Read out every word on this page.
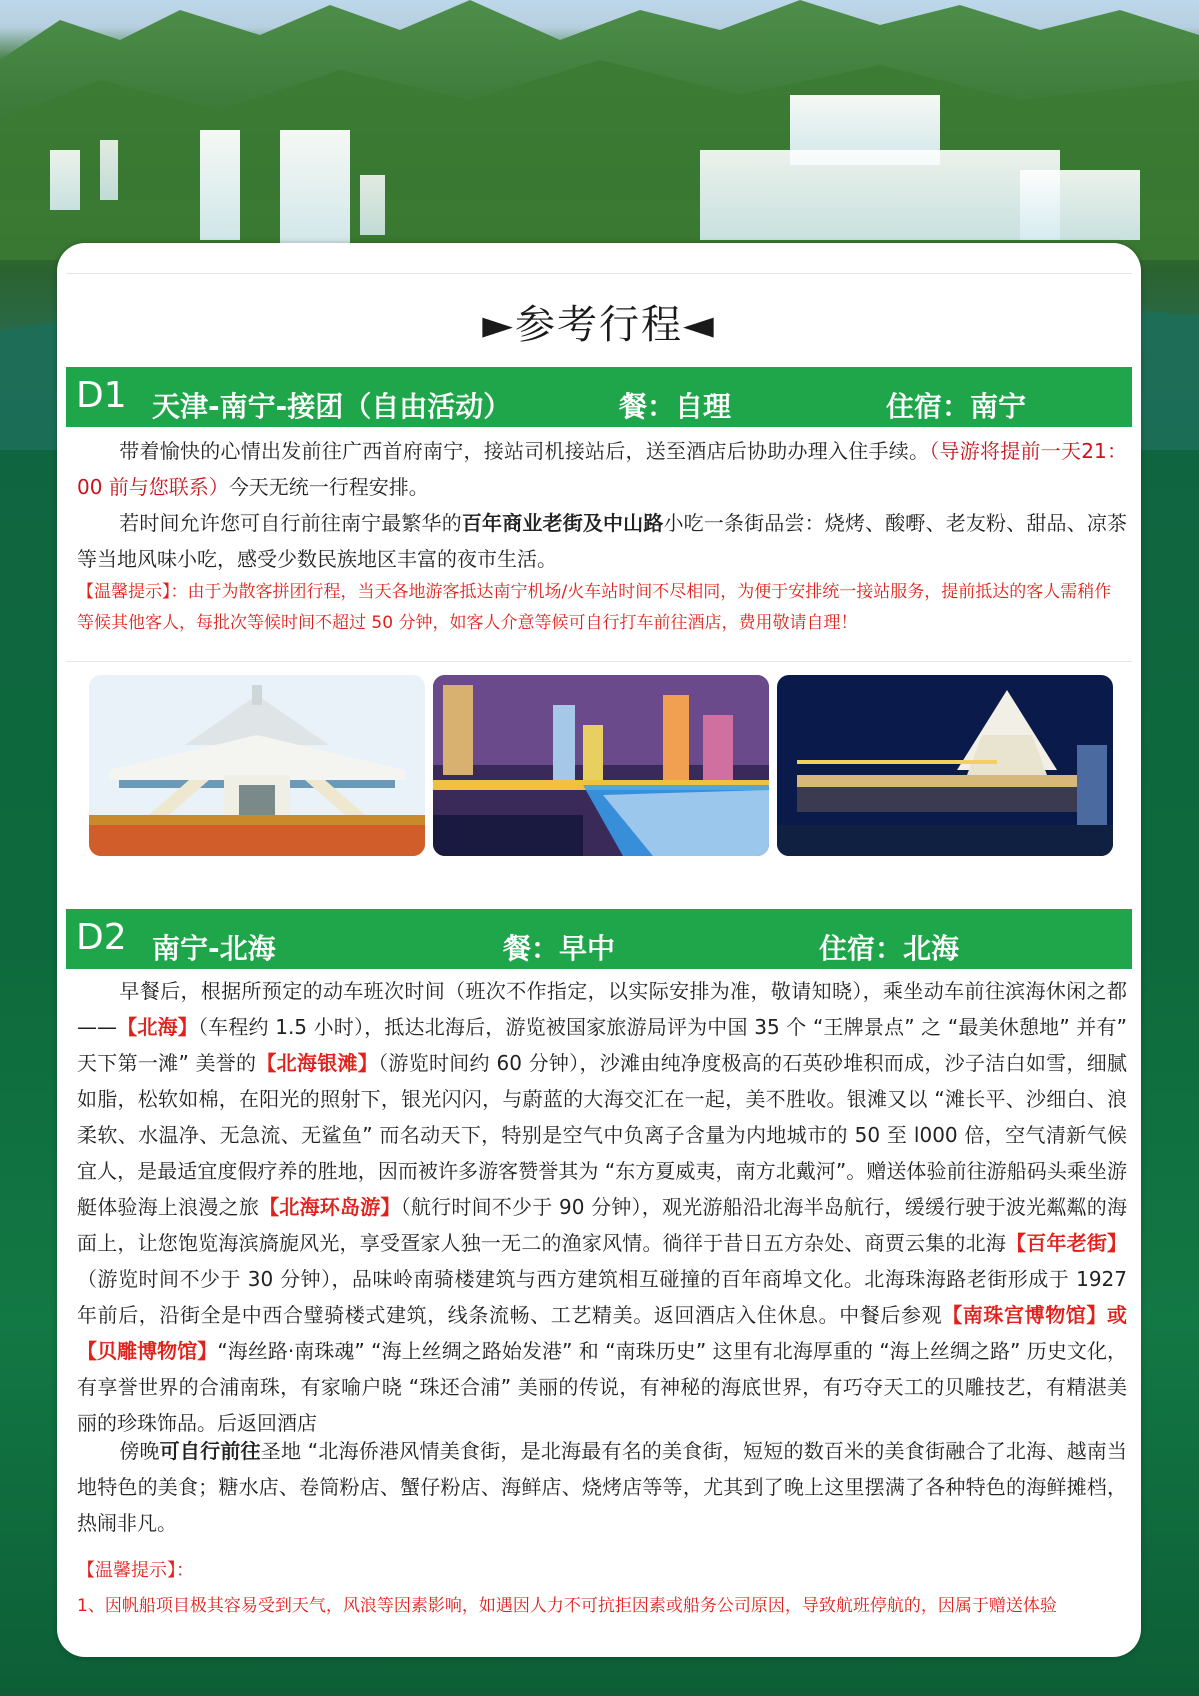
►参考行程◄
D1 天津-南宁-接团（自由活动）	餐：自理	住宿：南宁
带着愉快的心情出发前往广西首府南宁，接站司机接站后，送至酒店后协助办理入住手续。（导游将提前一天21：00 前与您联系）今天无统一行程安排。
若时间允许您可自行前往南宁最繁华的百年商业老街及中山路小吃一条街品尝：烧烤、酸嘢、老友粉、甜品、凉茶等当地风味小吃，感受少数民族地区丰富的夜市生活。
【温馨提示】：由于为散客拼团行程，当天各地游客抵达南宁机场/火车站时间不尽相同，为便于安排统一接站服务，提前抵达的客人需稍作等候其他客人，每批次等候时间不超过 50 分钟，如客人介意等候可自行打车前往酒店，费用敬请自理！
D2 南宁-北海	餐：早中	住宿：北海
早餐后，根据所预定的动车班次时间（班次不作指定，以实际安排为准，敬请知晓），乘坐动车前往滨海休闲之都——【北海】（车程约 1.5 小时），抵达北海后，游览被国家旅游局评为中国 35 个 “王牌景点” 之 “最美休憩地” 并有” 天下第一滩” 美誉的【北海银滩】（游览时间约 60 分钟），沙滩由纯净度极高的石英砂堆积而成，沙子洁白如雪，细腻如脂，松软如棉，在阳光的照射下，银光闪闪，与蔚蓝的大海交汇在一起，美不胜收。银滩又以 “滩长平、沙细白、浪柔软、水温净、无急流、无鲨鱼” 而名动天下，特别是空气中负离子含量为内地城市的 50 至 l000 倍，空气清新气候宜人，是最适宜度假疗养的胜地，因而被许多游客赞誉其为 “东方夏威夷，南方北戴河”。赠送体验前往游船码头乘坐游艇体验海上浪漫之旅【北海环岛游】（航行时间不少于 90 分钟），观光游船沿北海半岛航行，缓缓行驶于波光粼粼的海面上，让您饱览海滨旖旎风光，享受疍家人独一无二的渔家风情。徜徉于昔日五方杂处、商贾云集的北海【百年老街】（游览时间不少于 30 分钟），品味岭南骑楼建筑与西方建筑相互碰撞的百年商埠文化。北海珠海路老街形成于 1927 年前后，沿街全是中西合璧骑楼式建筑，线条流畅、工艺精美。返回酒店入住休息。中餐后参观【南珠宫博物馆】或【贝雕博物馆】“海丝路·南珠魂” “海上丝绸之路始发港” 和 “南珠历史” 这里有北海厚重的 “海上丝绸之路” 历史文化，有享誉世界的合浦南珠，有家喻户晓 “珠还合浦” 美丽的传说，有神秘的海底世界，有巧夺天工的贝雕技艺，有精湛美丽的珍珠饰品。后返回酒店
傍晚可自行前往圣地 “北海侨港风情美食街，是北海最有名的美食街，短短的数百米的美食街融合了北海、越南当地特色的美食；糖水店、卷筒粉店、蟹仔粉店、海鲜店、烧烤店等等，尤其到了晚上这里摆满了各种特色的海鲜摊档，热闹非凡。
【温馨提示】：
1、因帆船项目极其容易受到天气，风浪等因素影响，如遇因人力不可抗拒因素或船务公司原因，导致航班停航的，因属于赠送体验
